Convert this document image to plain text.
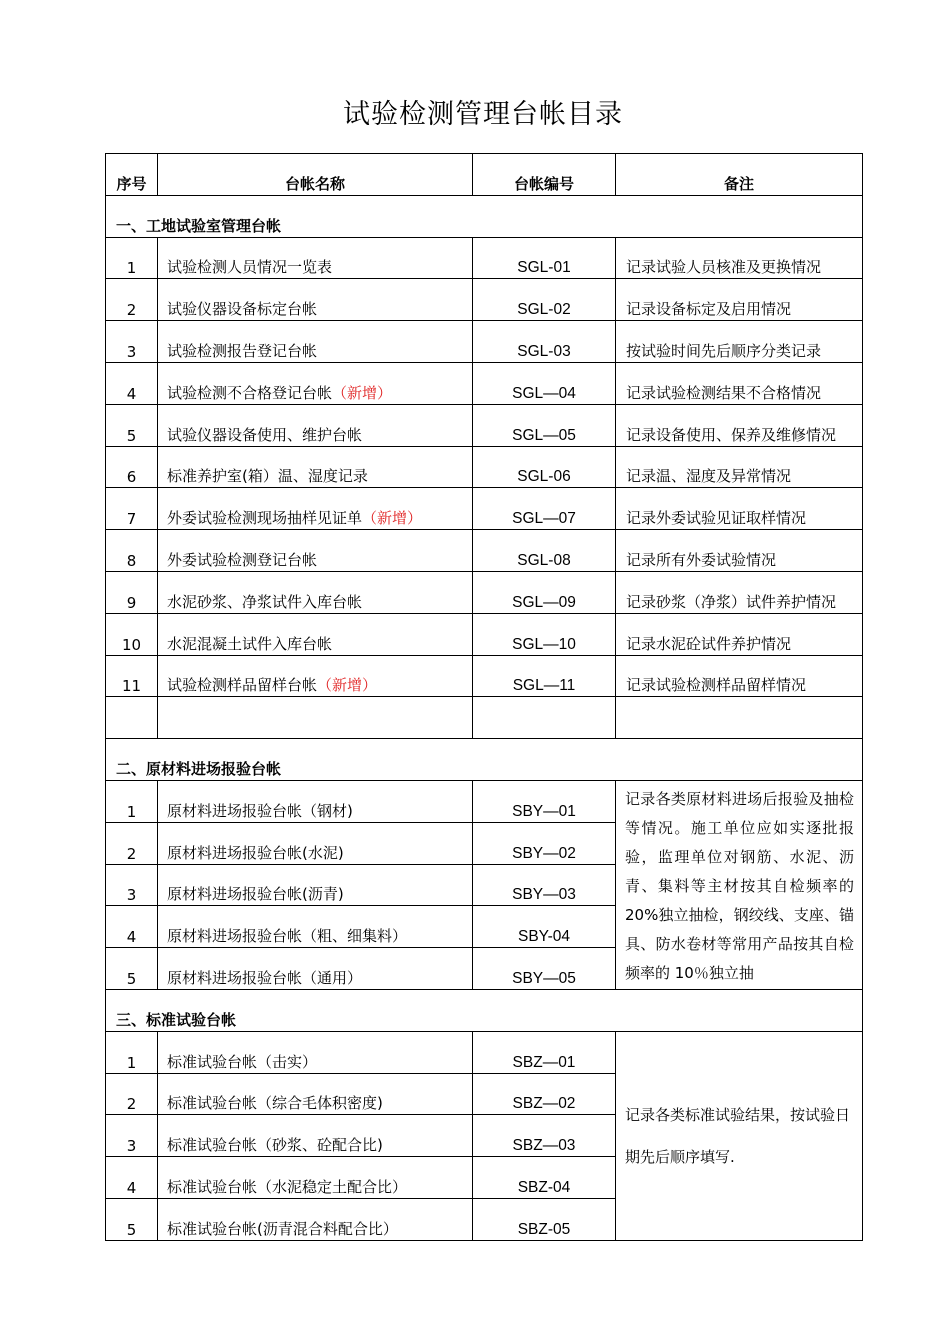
试验检测管理台帐目录
序号	台帐名称	台帐编号	备注
一、工地试验室管理台帐			
1	试验检测人员情况一览表	SGL-01	记录试验人员核准及更换情况
2	试验仪器设备标定台帐	SGL-02	记录设备标定及启用情况
3	试验检测报告登记台帐	SGL-03	按试验时间先后顺序分类记录
4	试验检测不合格登记台帐（新增）	SGL—04	记录试验检测结果不合格情况
5	试验仪器设备使用、维护台帐	SGL—05	记录设备使用、保养及维修情况
6	标准养护室(箱）温、湿度记录	SGL-06	记录温、湿度及异常情况
7	外委试验检测现场抽样见证单（新增）	SGL—07	记录外委试验见证取样情况
8	外委试验检测登记台帐	SGL-08	记录所有外委试验情况
9	水泥砂浆、净浆试件入库台帐	SGL—09	记录砂浆（净浆）试件养护情况
10	水泥混凝土试件入库台帐	SGL—10	记录水泥砼试件养护情况
11	试验检测样品留样台帐（新增）	SGL—11	记录试验检测样品留样情况

二、原材料进场报验台帐			
1	原材料进场报验台帐（钢材)	SBY—01	记录各类原材料进场后报验及抽检等情况。施工单位应如实逐批报验，监理单位对钢筋、水泥、沥青、集料等主材按其自检频率的 20%独立抽检，钢绞线、支座、锚具、防水卷材等常用产品按其自检频率的 10％独立抽
2	原材料进场报验台帐(水泥)	SBY—02	
3	原材料进场报验台帐(沥青)	SBY—03	
4	原材料进场报验台帐（粗、细集料）	SBY-04	
5	原材料进场报验台帐（通用）	SBY—05	
三、标准试验台帐			
1	标准试验台帐（击实）	SBZ—01	记录各类标准试验结果，按试验日期先后顺序填写.
2	标准试验台帐（综合毛体积密度)	SBZ—02	
3	标准试验台帐（砂浆、砼配合比)	SBZ—03	
4	标准试验台帐（水泥稳定土配合比）	SBZ-04	
5	标准试验台帐(沥青混合料配合比）	SBZ-05	
